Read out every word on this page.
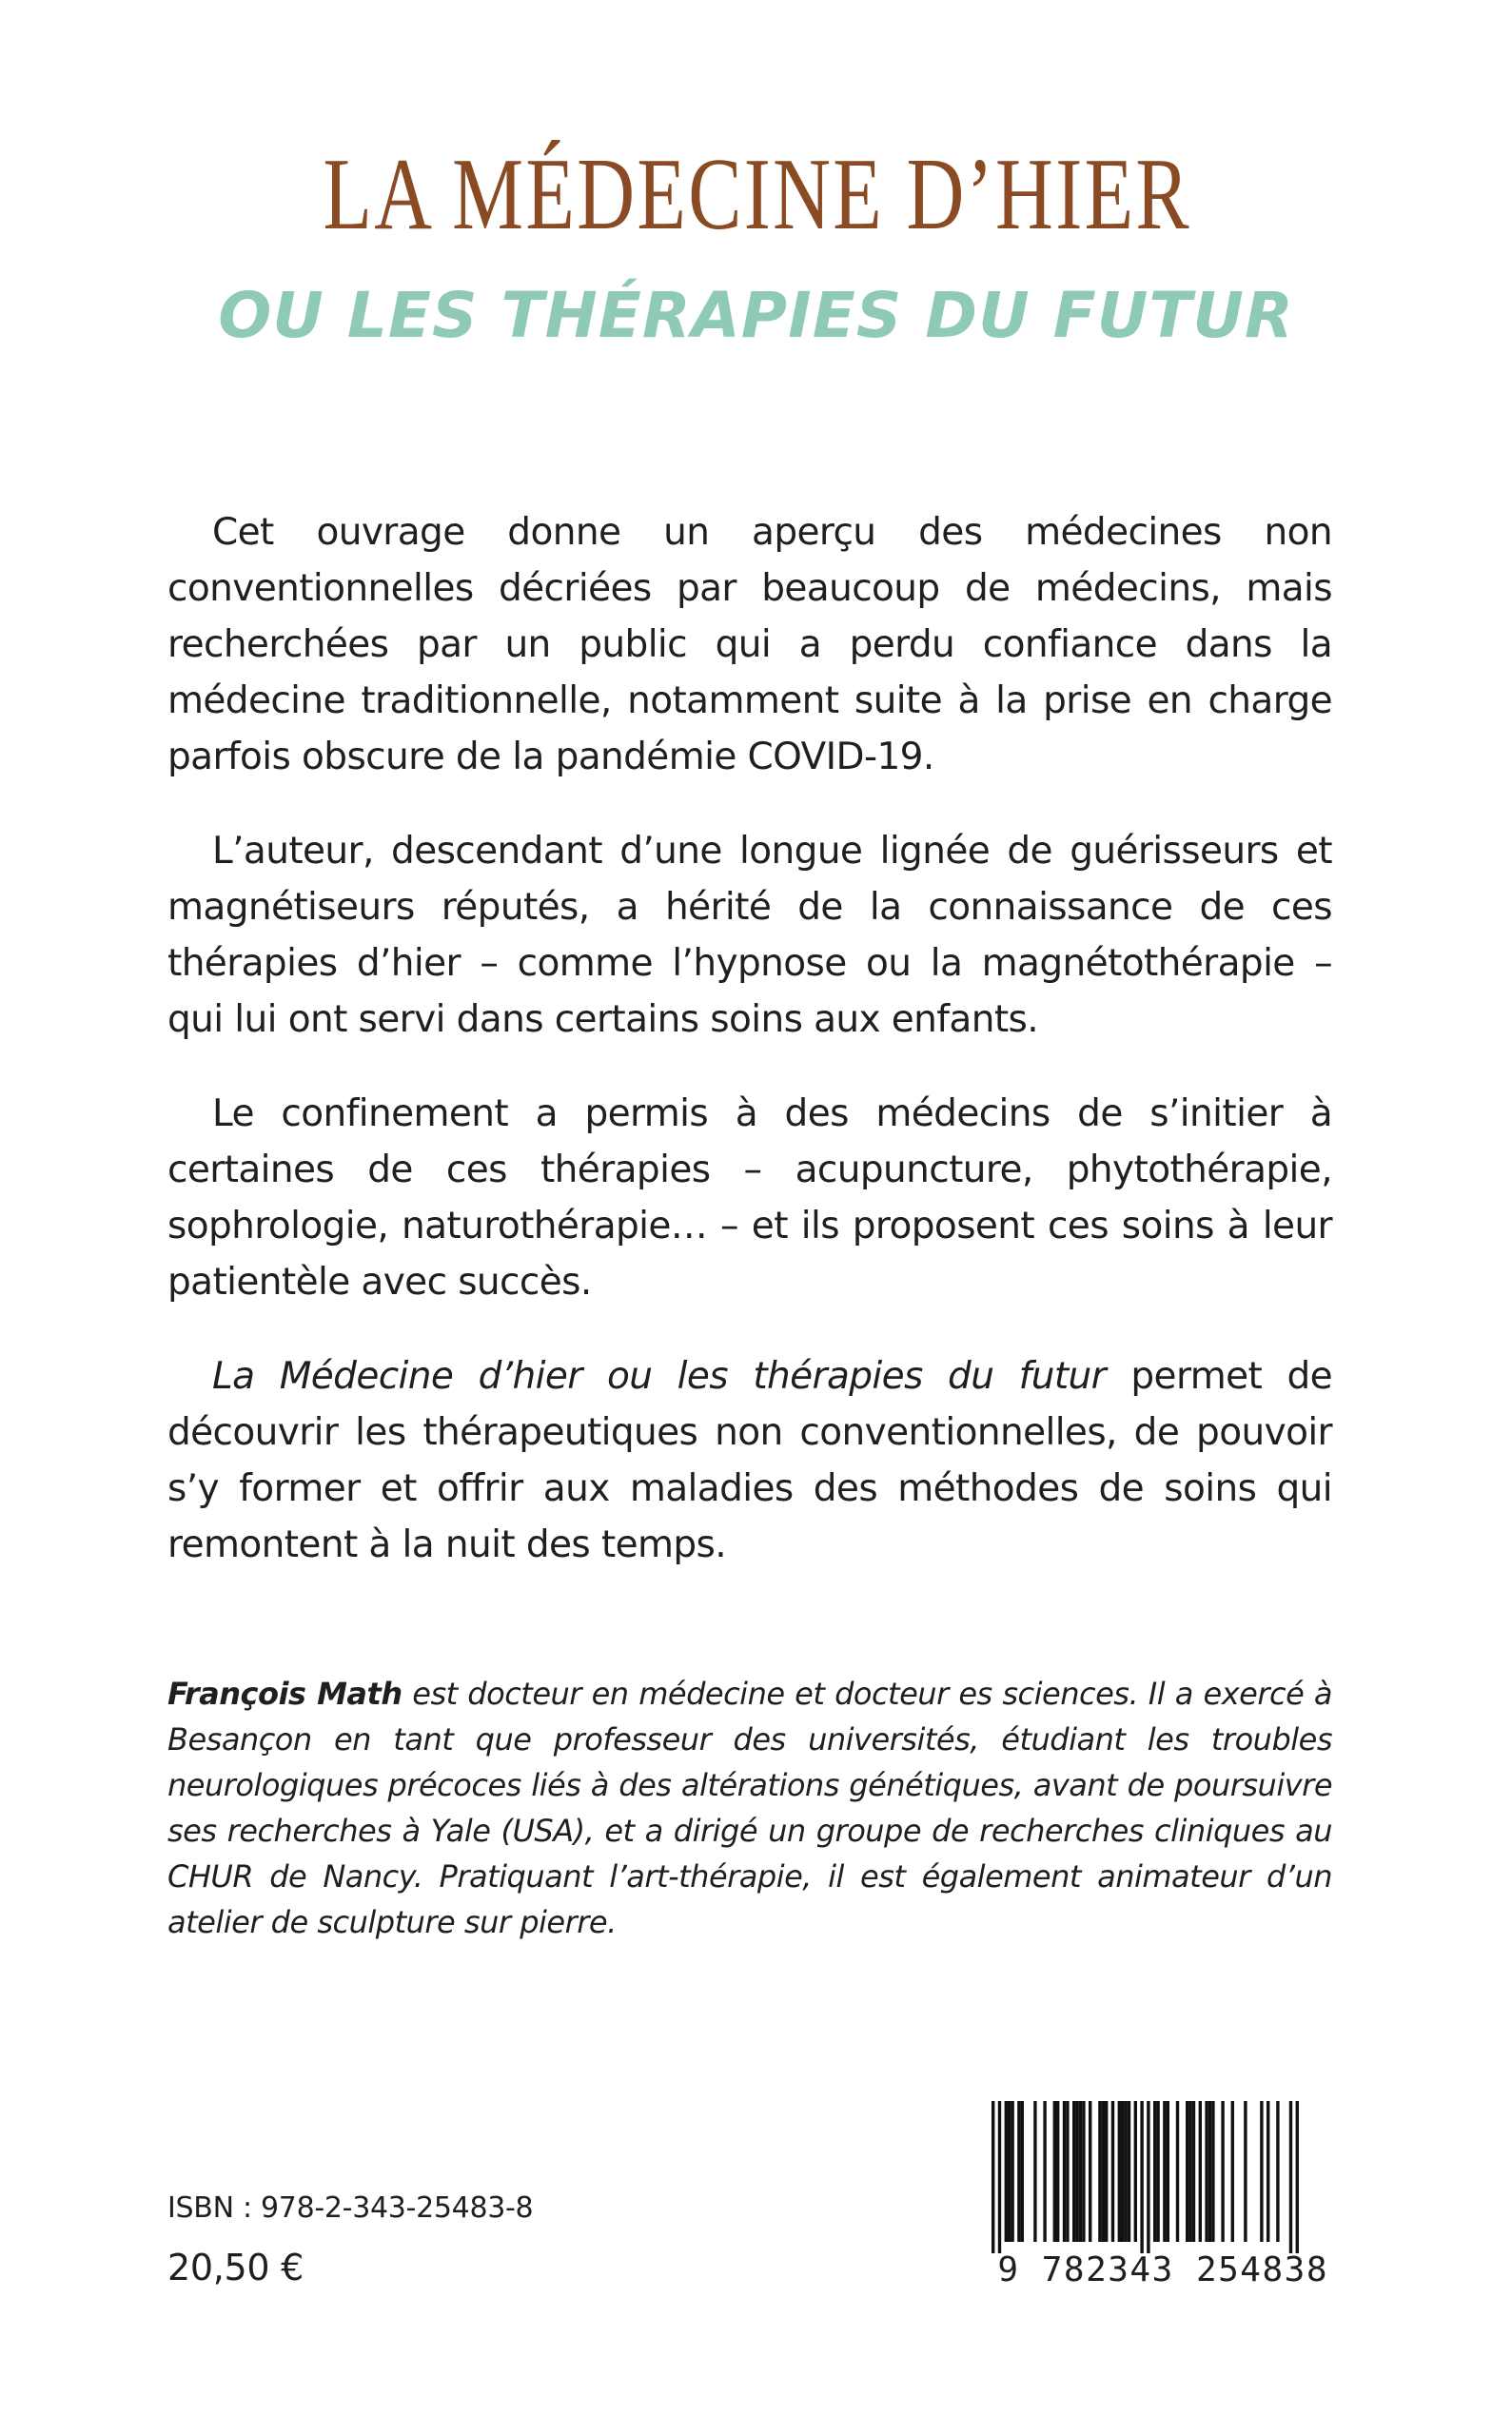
LA MÉDECINE D’HIER
OU LES THÉRAPIES DU FUTUR

Cet ouvrage donne un aperçu des médecines non conventionnelles décriées par beaucoup de médecins, mais recherchées par un public qui a perdu confiance dans la médecine traditionnelle, notamment suite à la prise en charge parfois obscure de la pandémie COVID-19.

L’auteur, descendant d’une longue lignée de guérisseurs et magnétiseurs réputés, a hérité de la connaissance de ces thérapies d’hier – comme l’hypnose ou la magnétothérapie – qui lui ont servi dans certains soins aux enfants.

Le confinement a permis à des médecins de s’initier à certaines de ces thérapies – acupuncture, phytothérapie, sophrologie, naturothérapie… – et ils proposent ces soins à leur patientèle avec succès.

La Médecine d’hier ou les thérapies du futur permet de découvrir les thérapeutiques non conventionnelles, de pouvoir s’y former et offrir aux maladies des méthodes de soins qui remontent à la nuit des temps.

François Math est docteur en médecine et docteur es sciences. Il a exercé à Besançon en tant que professeur des universités, étudiant les troubles neurologiques précoces liés à des altérations génétiques, avant de poursuivre ses recherches à Yale (USA), et a dirigé un groupe de recherches cliniques au CHUR de Nancy. Pratiquant l’art-thérapie, il est également animateur d’un atelier de sculpture sur pierre.
ISBN : 978-2-343-25483-8
20,50 €	9 782343 254838
